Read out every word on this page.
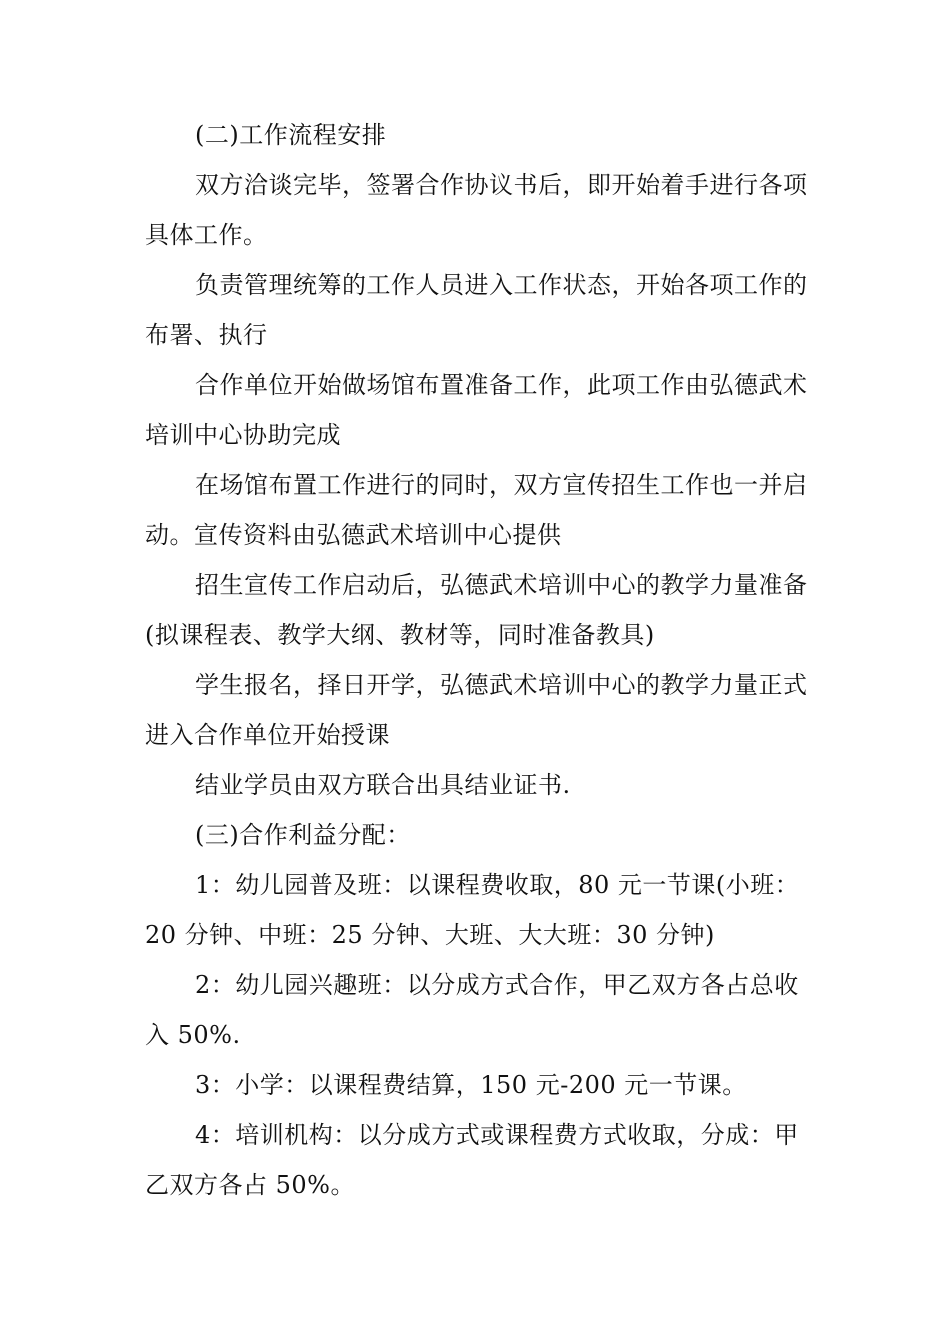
(二)工作流程安排

双方洽谈完毕，签署合作协议书后，即开始着手进行各项具体工作。

负责管理统筹的工作人员进入工作状态，开始各项工作的布署、执行

合作单位开始做场馆布置准备工作，此项工作由弘德武术培训中心协助完成

在场馆布置工作进行的同时，双方宣传招生工作也一并启动。宣传资料由弘德武术培训中心提供

招生宣传工作启动后，弘德武术培训中心的教学力量准备(拟课程表、教学大纲、教材等，同时准备教具)

学生报名，择日开学，弘德武术培训中心的教学力量正式进入合作单位开始授课

结业学员由双方联合出具结业证书.

(三)合作利益分配：

1：幼儿园普及班：以课程费收取，80 元一节课(小班：20 分钟、中班：25 分钟、大班、大大班：30 分钟)

2：幼儿园兴趣班：以分成方式合作，甲乙双方各占总收入 50%.

3：小学：以课程费结算，150 元-200 元一节课。

4：培训机构：以分成方式或课程费方式收取，分成：甲乙双方各占 50%。
